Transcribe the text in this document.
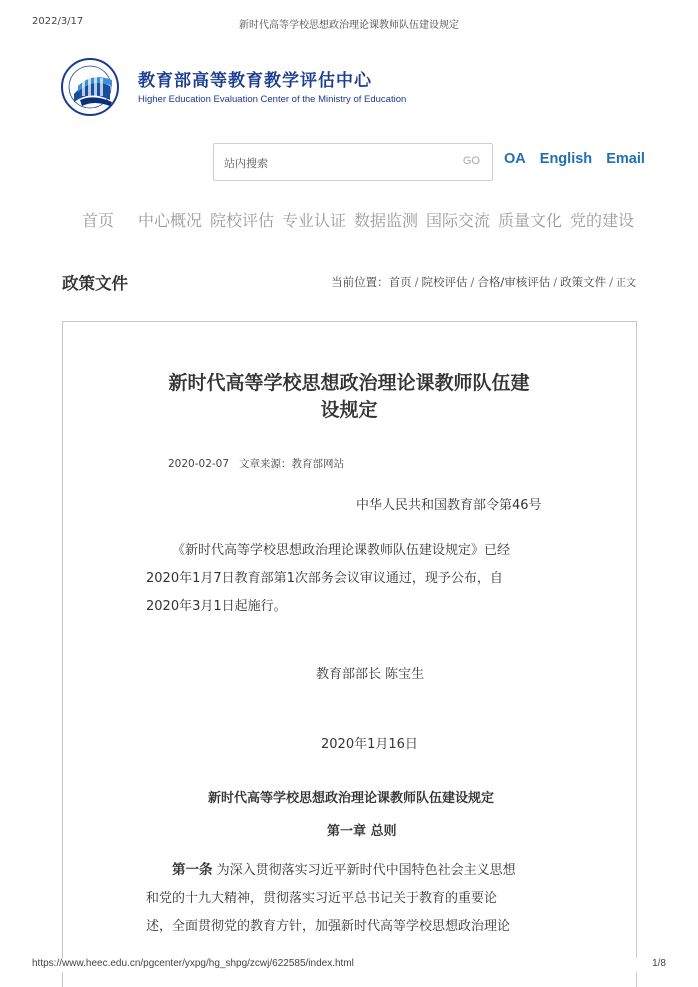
2022/3/17	新时代高等学校思想政治理论课教师队伍建设规定
教育部高等教育教学评估中心
Higher Education Evaluation Center of the Ministry of Education
站内搜索
GO OA English Email
首页 中心概况 院校评估 专业认证 数据监测 国际交流 质量文化 党的建设
政策文件	当前位置：首页 / 院校评估 / 合格/审核评估 / 政策文件 / 正文
新时代高等学校思想政治理论课教师队伍建
设规定
2020-02-07 文章来源：教育部网站
中华人民共和国教育部令第46号
《新时代高等学校思想政治理论课教师队伍建设规定》已经
2020年1月7日教育部第1次部务会议审议通过，现予公布，自
2020年3月1日起施行。
教育部部长 陈宝生
2020年1月16日
新时代高等学校思想政治理论课教师队伍建设规定
第一章 总则
第一条 为深入贯彻落实习近平新时代中国特色社会主义思想
和党的十九大精神，贯彻落实习近平总书记关于教育的重要论
述，全面贯彻党的教育方针，加强新时代高等学校思想政治理论
https://www.heec.edu.cn/pgcenter/yxpg/hg_shpg/zcwj/622585/index.html	1/8
